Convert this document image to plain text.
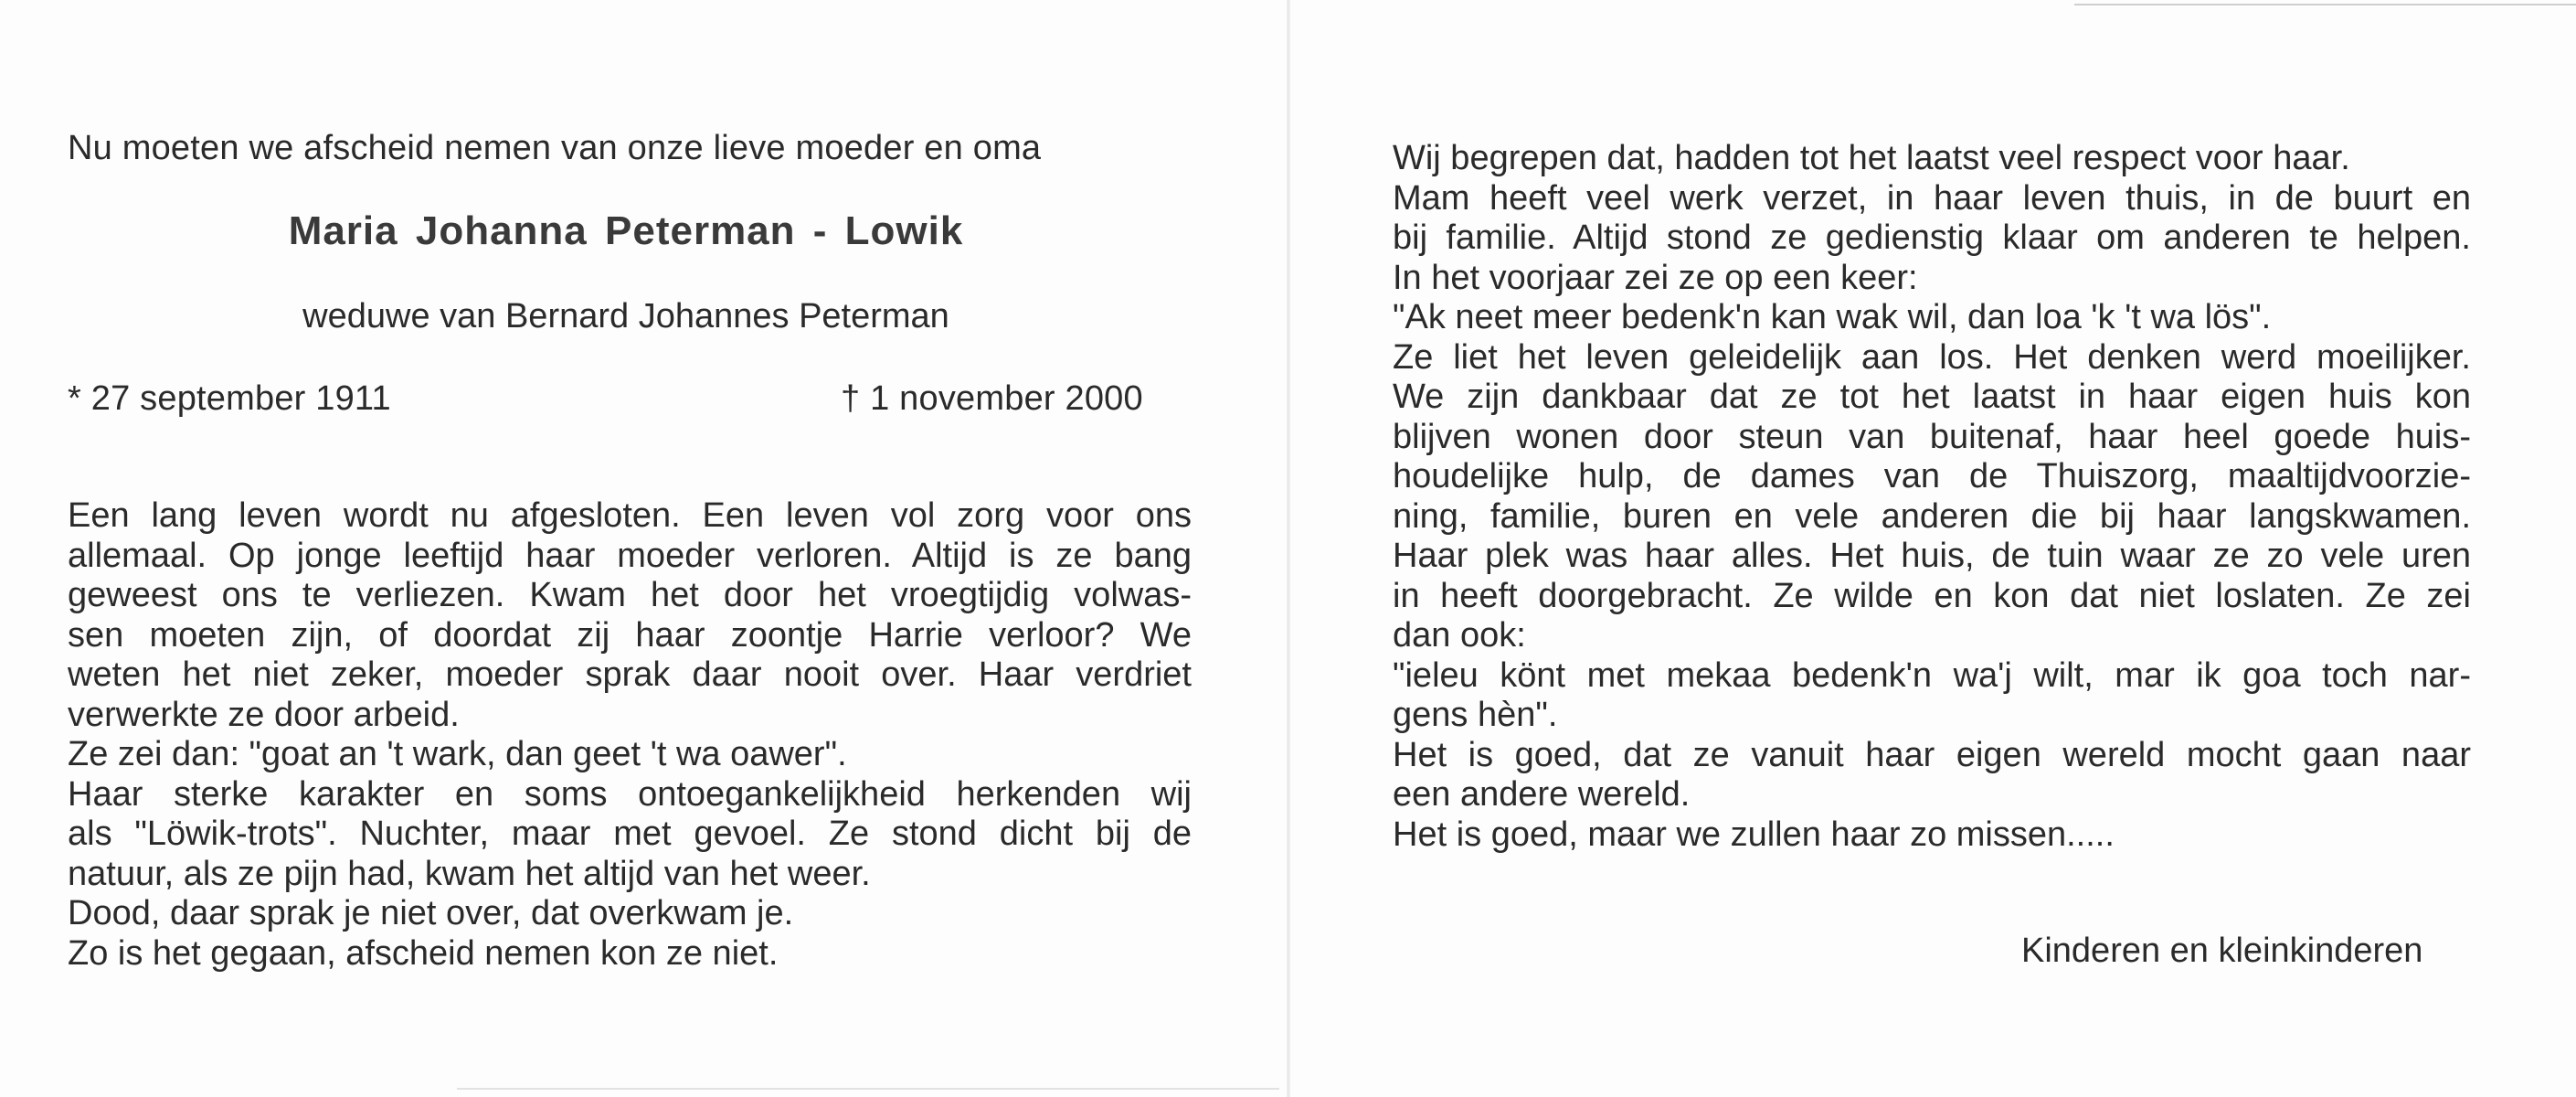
Nu moeten we afscheid nemen van onze lieve moeder en oma
Maria Johanna Peterman - Lowik
weduwe van Bernard Johannes Peterman
* 27 september 1911	† 1 november 2000
Een lang leven wordt nu afgesloten. Een leven vol zorg voor ons
allemaal. Op jonge leeftijd haar moeder verloren. Altijd is ze bang
geweest ons te verliezen. Kwam het door het vroegtijdig volwas-
sen moeten zijn, of doordat zij haar zoontje Harrie verloor? We
weten het niet zeker, moeder sprak daar nooit over. Haar verdriet
verwerkte ze door arbeid.
Ze zei dan: "goat an 't wark, dan geet 't wa oawer".
Haar sterke karakter en soms ontoegankelijkheid herkenden wij
als "Löwik-trots". Nuchter, maar met gevoel. Ze stond dicht bij de
natuur, als ze pijn had, kwam het altijd van het weer.
Dood, daar sprak je niet over, dat overkwam je.
Zo is het gegaan, afscheid nemen kon ze niet.
Wij begrepen dat, hadden tot het laatst veel respect voor haar.
Mam heeft veel werk verzet, in haar leven thuis, in de buurt en
bij familie. Altijd stond ze gedienstig klaar om anderen te helpen.
In het voorjaar zei ze op een keer:
"Ak neet meer bedenk'n kan wak wil, dan loa 'k 't wa lös".
Ze liet het leven geleidelijk aan los. Het denken werd moeilijker.
We zijn dankbaar dat ze tot het laatst in haar eigen huis kon
blijven wonen door steun van buitenaf, haar heel goede huis-
houdelijke hulp, de dames van de Thuiszorg, maaltijdvoorzie-
ning, familie, buren en vele anderen die bij haar langskwamen.
Haar plek was haar alles. Het huis, de tuin waar ze zo vele uren
in heeft doorgebracht. Ze wilde en kon dat niet loslaten. Ze zei
dan ook:
"ieleu könt met mekaa bedenk'n wa'j wilt, mar ik goa toch nar-
gens hèn".
Het is goed, dat ze vanuit haar eigen wereld mocht gaan naar
een andere wereld.
Het is goed, maar we zullen haar zo missen.....
Kinderen en kleinkinderen
